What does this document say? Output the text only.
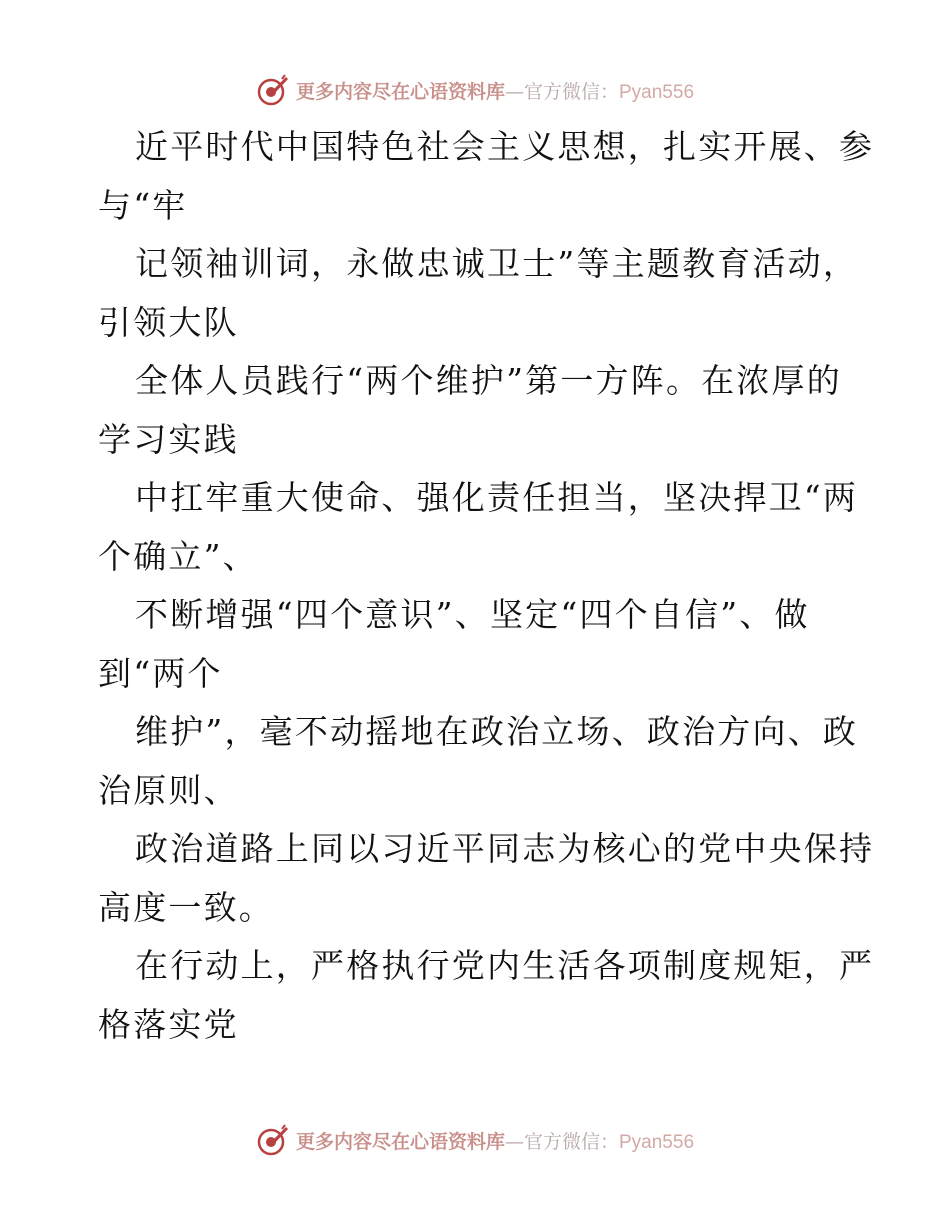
更多内容尽在心语资料库—官方微信：Pyan556

近平时代中国特色社会主义思想，扎实开展、参
与“牢

记领袖训词，永做忠诚卫士”等主题教育活动，
引领大队

全体人员践行“两个维护”第一方阵。在浓厚的
学习实践

中扛牢重大使命、强化责任担当，坚决捍卫“两
个确立”、

不断增强“四个意识”、坚定“四个自信”、做
到“两个

维护”，毫不动摇地在政治立场、政治方向、政
治原则、

政治道路上同以习近平同志为核心的党中央保持
高度一致。

在行动上，严格执行党内生活各项制度规矩，严
格落实党

更多内容尽在心语资料库—官方微信：Pyan556
